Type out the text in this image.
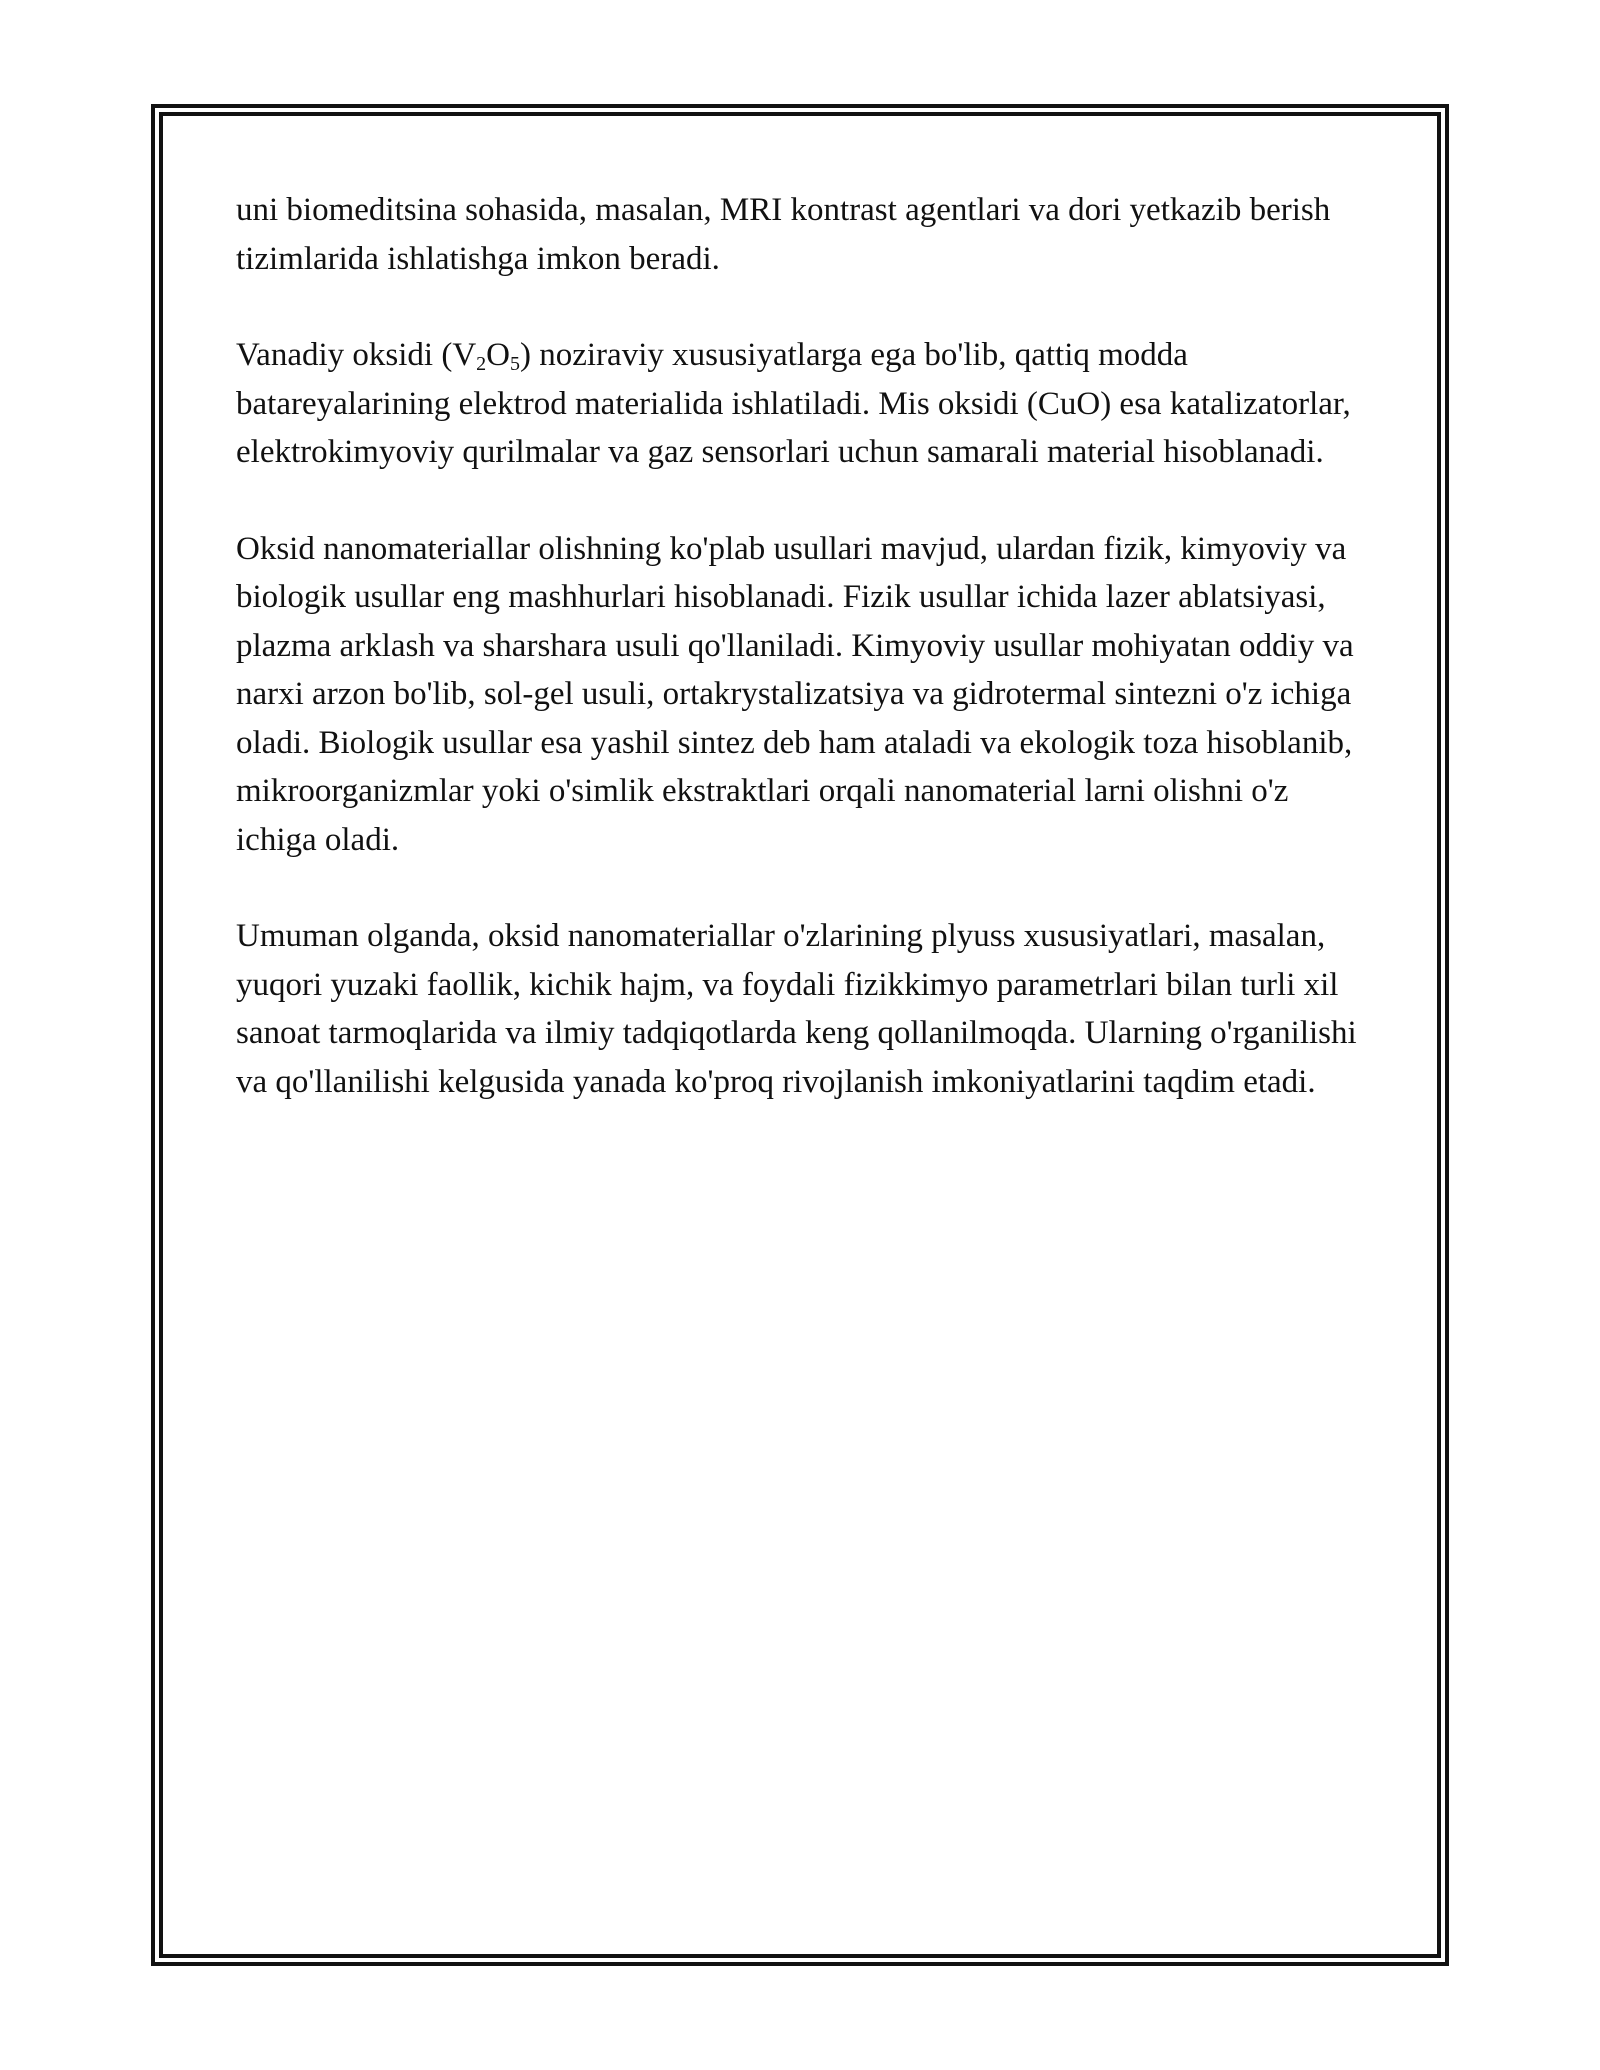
uni biomeditsina sohasida, masalan, MRI kontrast agentlari va dori yetkazib berish tizimlarida ishlatishga imkon beradi.

Vanadiy oksidi $(V_2O_5)$ noziraviy xususiyatlarga ega bo'lib, qattiq modda batareyalarining elektrod materialida ishlatiladi. Mis oksidi (CuO) esa katalizatorlar, elektrokimyoviy qurilmalar va gaz sensorlari uchun samarali material hisoblanadi.

Oksid nanomateriallar olishning ko'plab usullari mavjud, ulardan fizik, kimyoviy va biologik usullar eng mashhurlari hisoblanadi. Fizik usullar ichida lazer ablatsiyasi, plazma arklash va sharshara usuli qo'llaniladi. Kimyoviy usullar mohiyatan oddiy va narxi arzon bo'lib, sol-gel usuli, ortakrystalizatsiya va gidrotermal sintezni o'z ichiga oladi. Biologik usullar esa yashil sintez deb ham ataladi va ekologik toza hisoblanib, mikroorganizmlar yoki o'simlik ekstraktlari orqali nanomaterial larni olishni o'z ichiga oladi.

Umuman olganda, oksid nanomateriallar o'zlarining plyuss xususiyatlari, masalan, yuqori yuzaki faollik, kichik hajm, va foydali fizikkimyo parametrlari bilan turli xil sanoat tarmoqlarida va ilmiy tadqiqotlarda keng qollanilmoqda. Ularning o'rganilishi va qo'llanilishi kelgusida yanada ko'proq rivojlanish imkoniyatlarini taqdim etadi.
